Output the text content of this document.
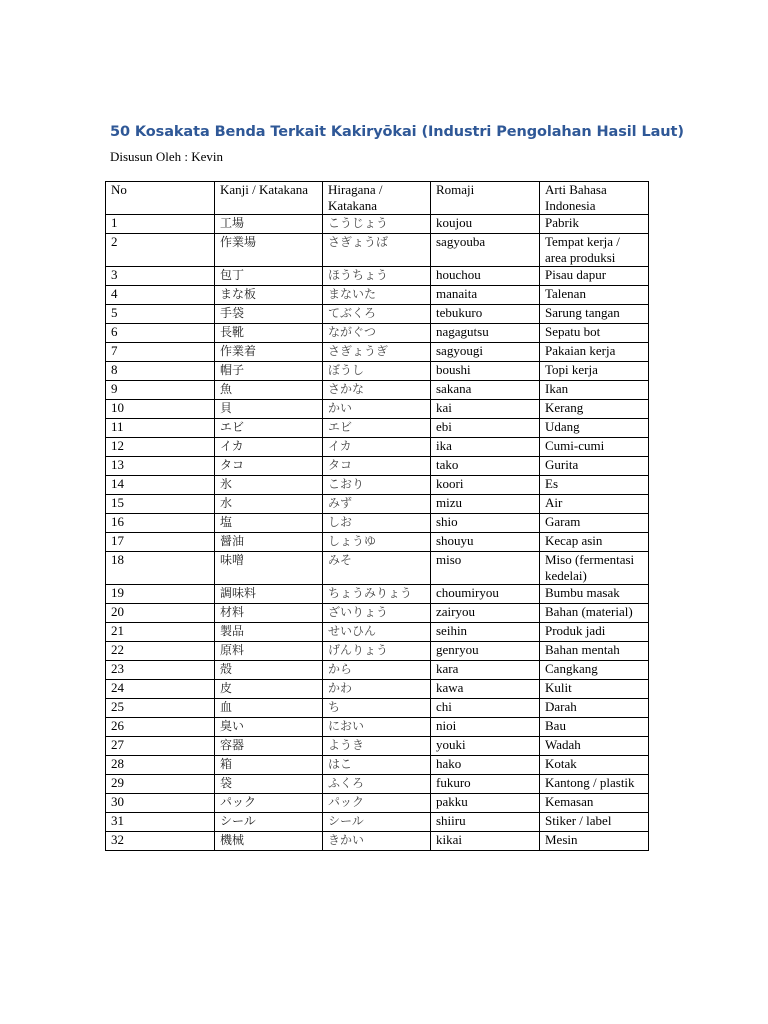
50 Kosakata Benda Terkait Kakiryōkai (Industri Pengolahan Hasil Laut)
Disusun Oleh : Kevin
No	Kanji / Katakana	Hiragana / Katakana	Romaji	Arti Bahasa Indonesia
1	工場	こうじょう	koujou	Pabrik
2	作業場	さぎょうば	sagyouba	Tempat kerja / area produksi
3	包丁	ほうちょう	houchou	Pisau dapur
4	まな板	まないた	manaita	Talenan
5	手袋	てぶくろ	tebukuro	Sarung tangan
6	長靴	ながぐつ	nagagutsu	Sepatu bot
7	作業着	さぎょうぎ	sagyougi	Pakaian kerja
8	帽子	ぼうし	boushi	Topi kerja
9	魚	さかな	sakana	Ikan
10	貝	かい	kai	Kerang
11	エビ	エビ	ebi	Udang
12	イカ	イカ	ika	Cumi-cumi
13	タコ	タコ	tako	Gurita
14	氷	こおり	koori	Es
15	水	みず	mizu	Air
16	塩	しお	shio	Garam
17	醤油	しょうゆ	shouyu	Kecap asin
18	味噌	みそ	miso	Miso (fermentasi kedelai)
19	調味料	ちょうみりょう	choumiryou	Bumbu masak
20	材料	ざいりょう	zairyou	Bahan (material)
21	製品	せいひん	seihin	Produk jadi
22	原料	げんりょう	genryou	Bahan mentah
23	殻	から	kara	Cangkang
24	皮	かわ	kawa	Kulit
25	血	ち	chi	Darah
26	臭い	におい	nioi	Bau
27	容器	ようき	youki	Wadah
28	箱	はこ	hako	Kotak
29	袋	ふくろ	fukuro	Kantong / plastik
30	パック	パック	pakku	Kemasan
31	シール	シール	shiiru	Stiker / label
32	機械	きかい	kikai	Mesin
